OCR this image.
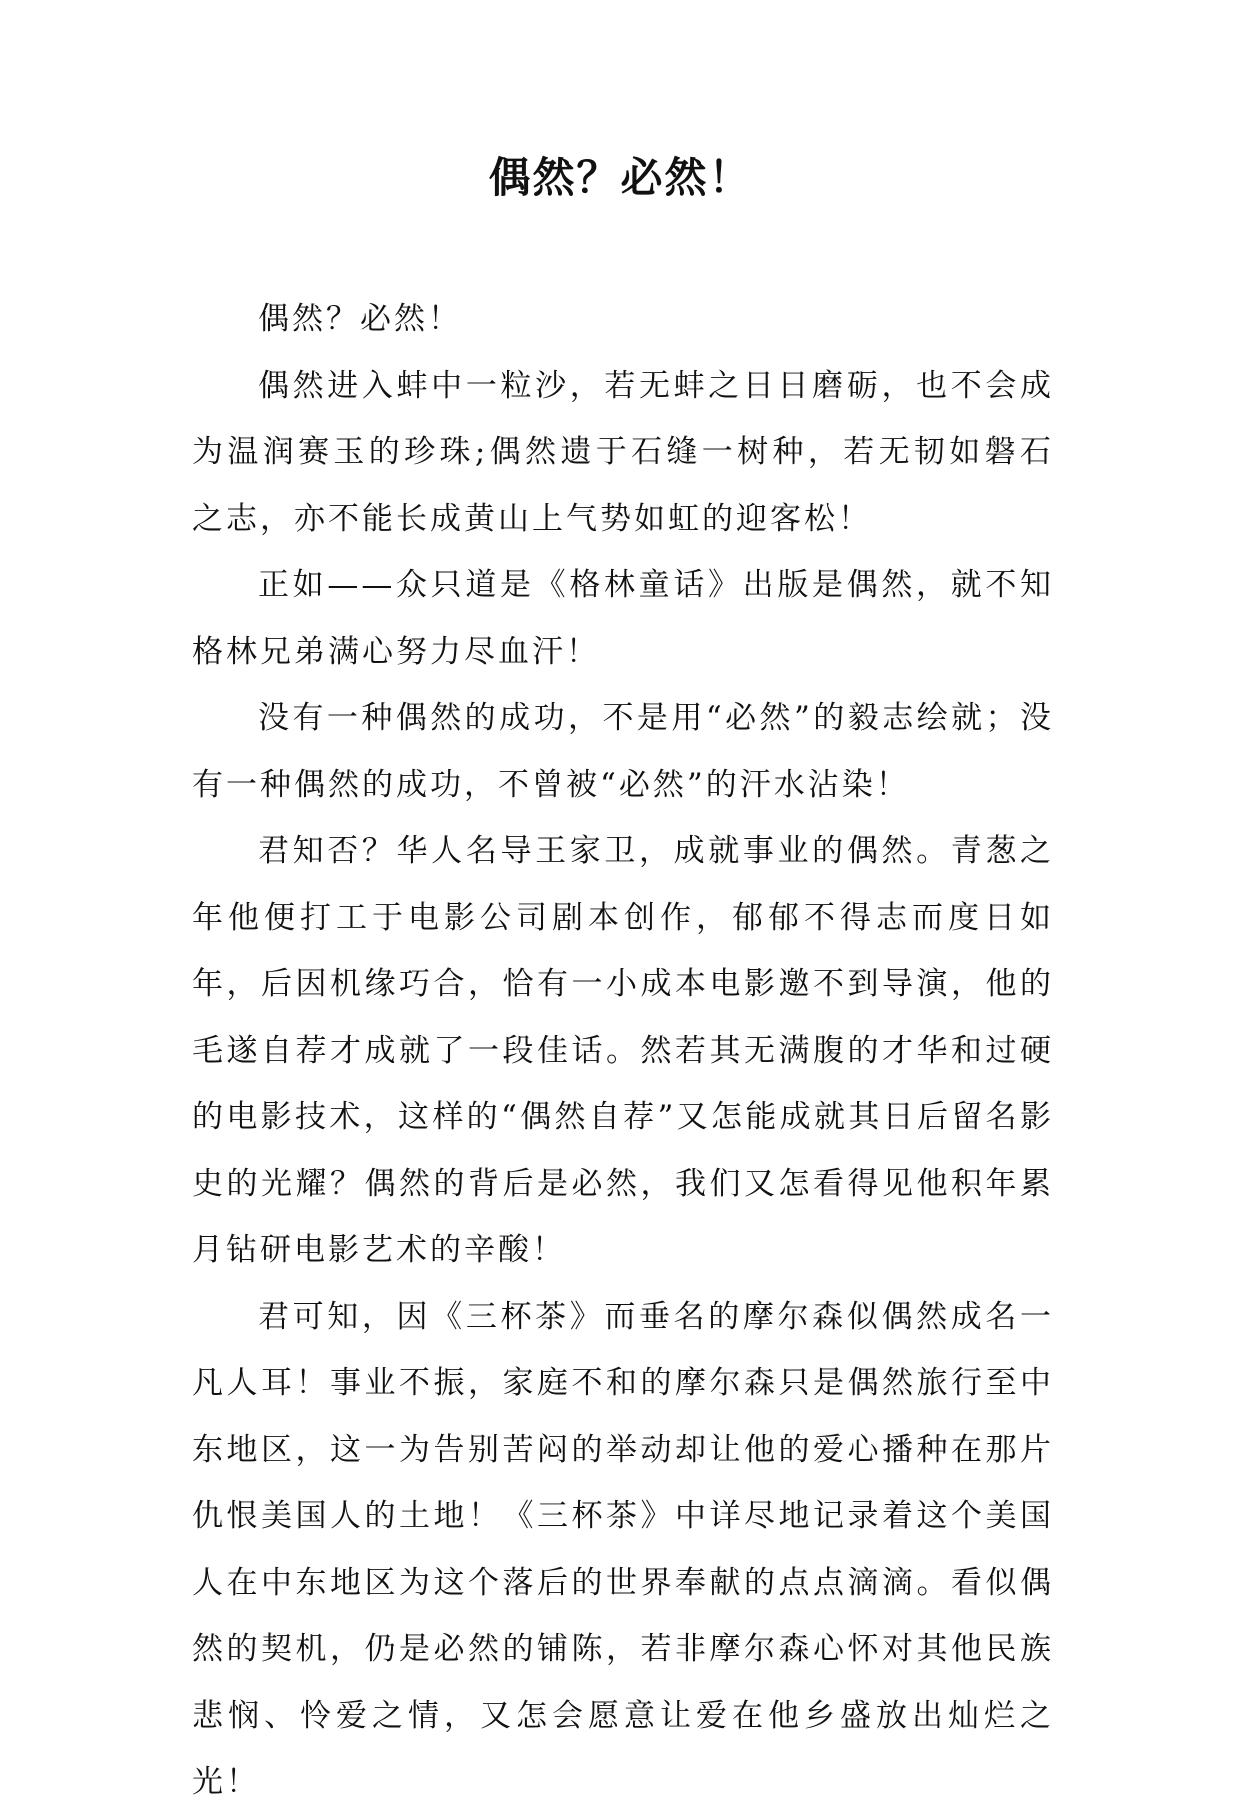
偶然？必然！

偶然？必然！

偶然进入蚌中一粒沙，若无蚌之日日磨砺，也不会成为温润赛玉的珍珠;偶然遗于石缝一树种，若无韧如磐石之志，亦不能长成黄山上气势如虹的迎客松！

正如——众只道是《格林童话》出版是偶然，就不知格林兄弟满心努力尽血汗！

没有一种偶然的成功，不是用“必然”的毅志绘就；没有一种偶然的成功，不曾被“必然”的汗水沾染！

君知否？华人名导王家卫，成就事业的偶然。青葱之年他便打工于电影公司剧本创作，郁郁不得志而度日如年，后因机缘巧合，恰有一小成本电影邀不到导演，他的毛遂自荐才成就了一段佳话。然若其无满腹的才华和过硬的电影技术，这样的“偶然自荐”又怎能成就其日后留名影史的光耀？偶然的背后是必然，我们又怎看得见他积年累月钻研电影艺术的辛酸！

君可知，因《三杯茶》而垂名的摩尔森似偶然成名一凡人耳！事业不振，家庭不和的摩尔森只是偶然旅行至中东地区，这一为告别苦闷的举动却让他的爱心播种在那片仇恨美国人的土地！《三杯茶》中详尽地记录着这个美国人在中东地区为这个落后的世界奉献的点点滴滴。看似偶然的契机，仍是必然的铺陈，若非摩尔森心怀对其他民族悲悯、怜爱之情，又怎会愿意让爱在他乡盛放出灿烂之光！
